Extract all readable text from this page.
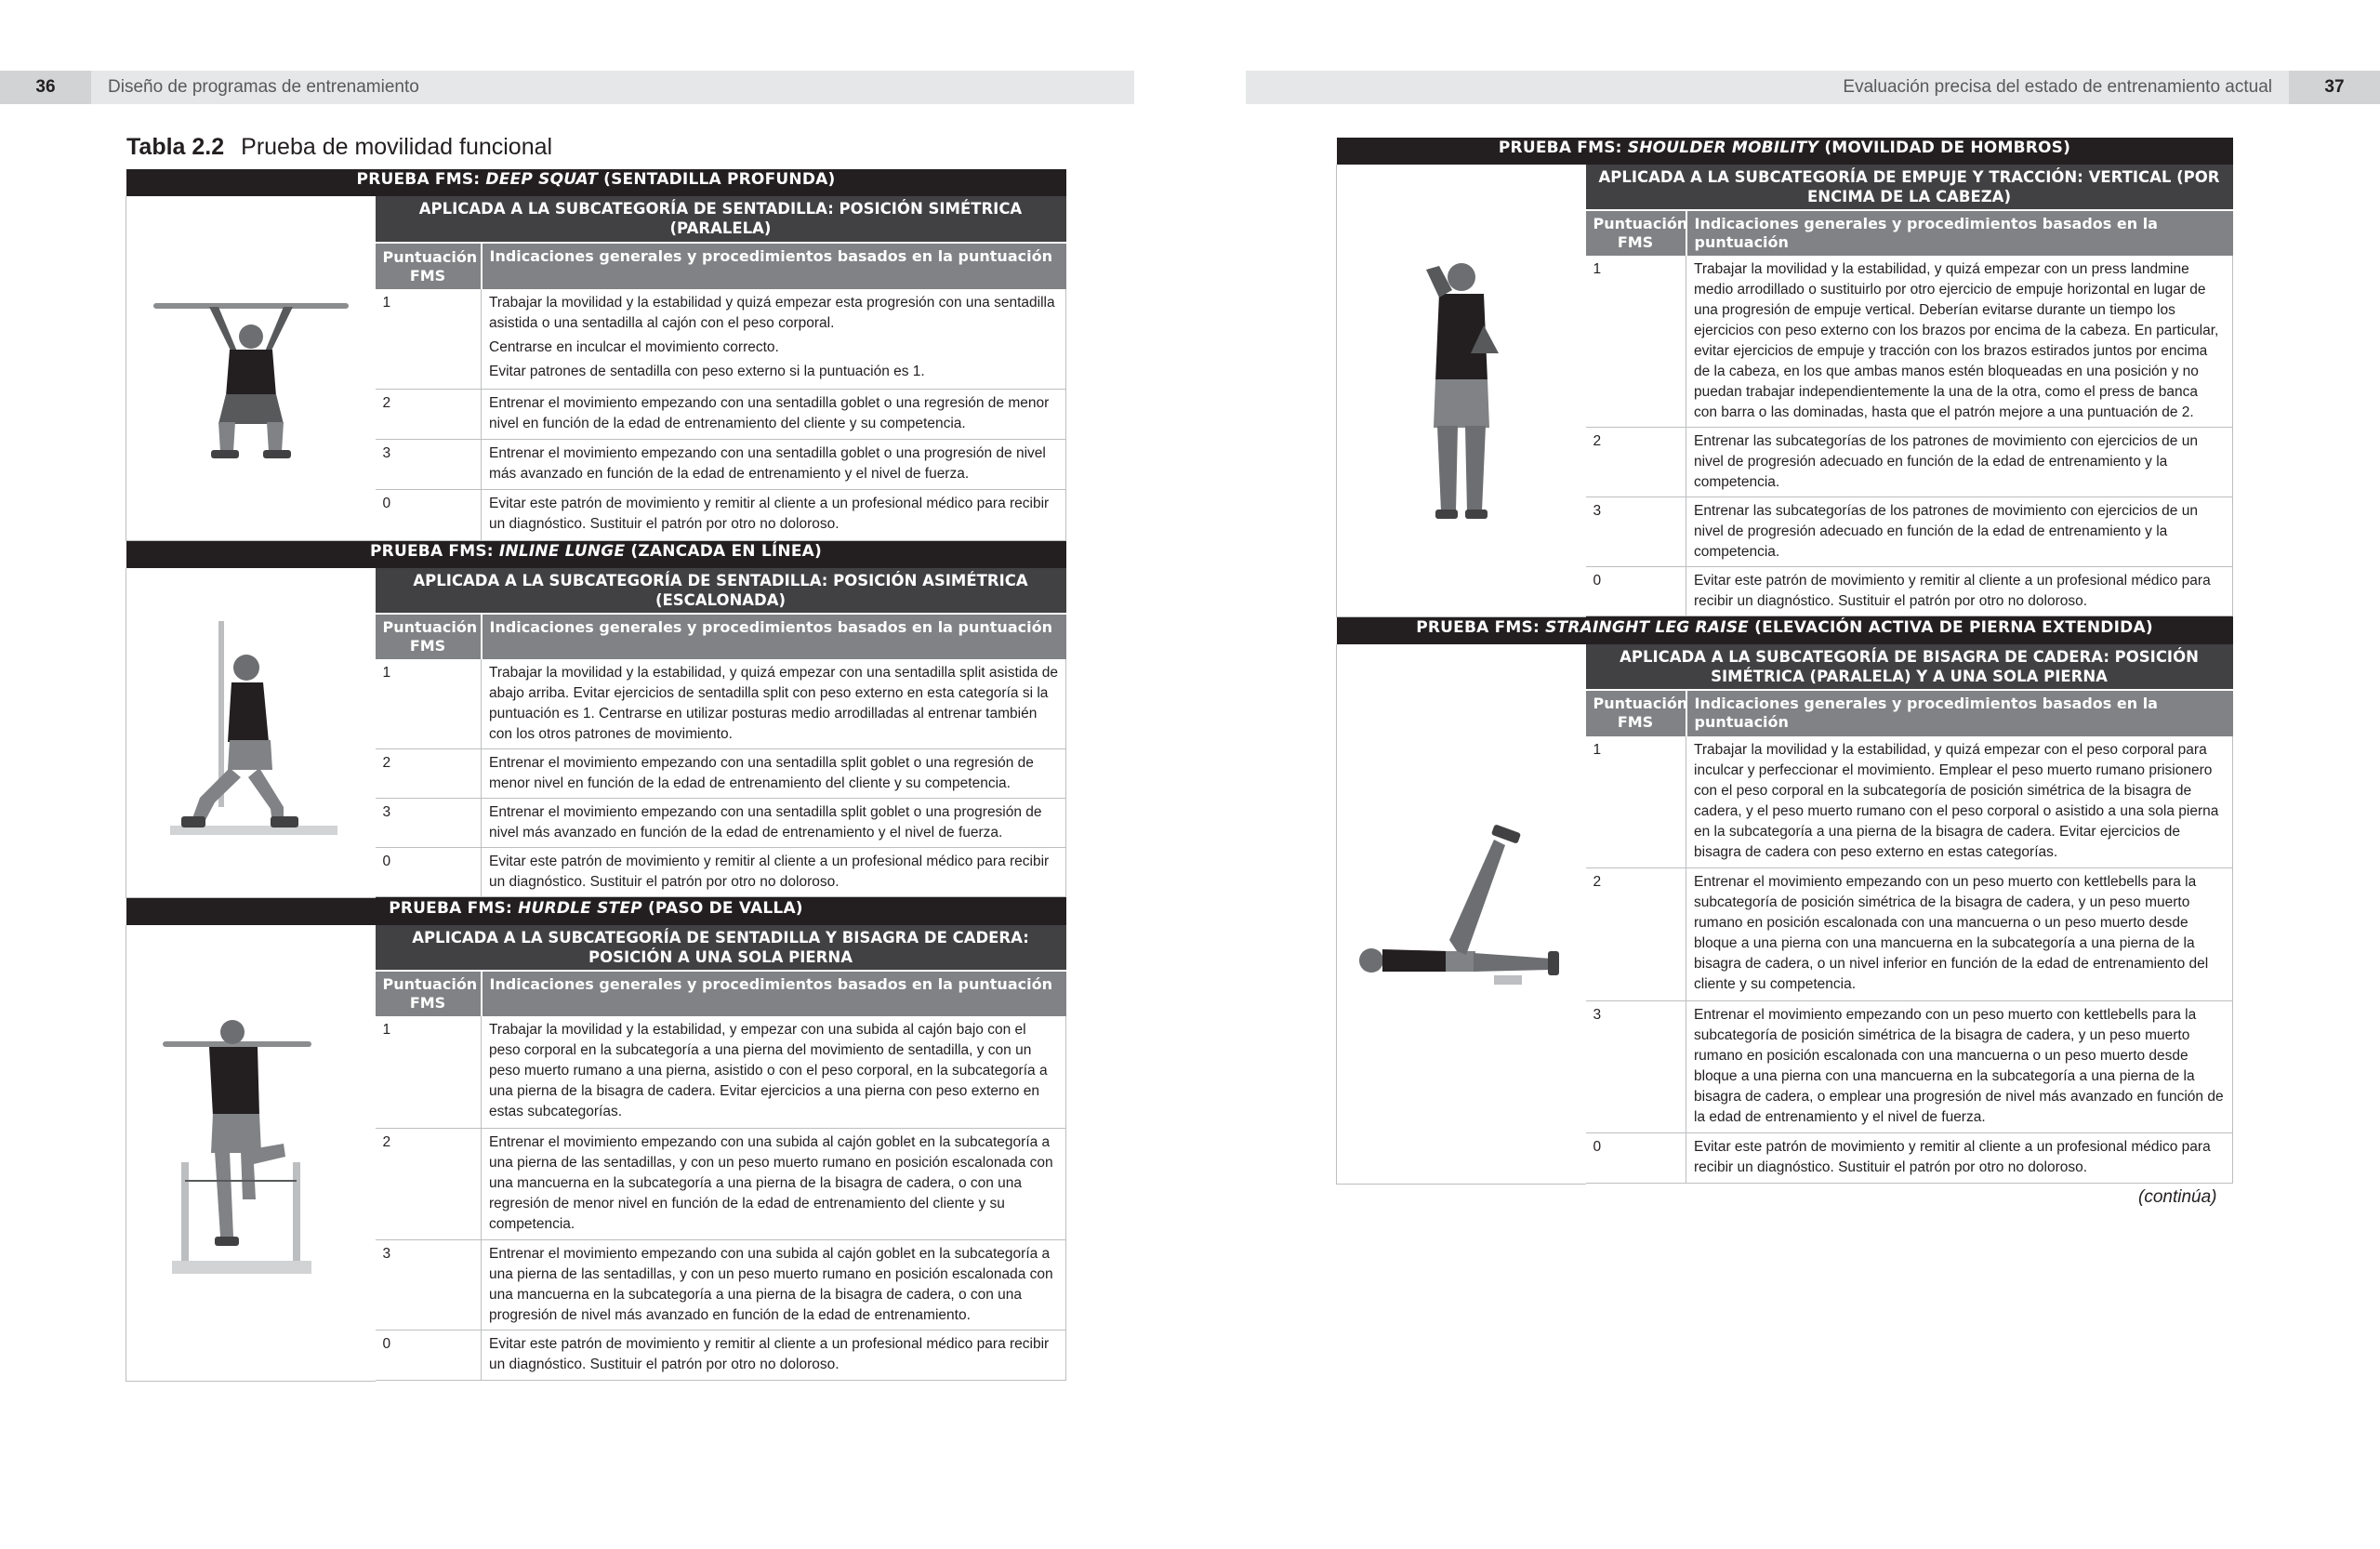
36	Diseño de programas de entrenamiento	Evaluación precisa del estado de entrenamiento actual	37
Tabla 2.2 Prueba de movilidad funcional
PRUEBA FMS: DEEP SQUAT (SENTADILLA PROFUNDA)		

	APLICADA A LA SUBCATEGORÍA DE SENTADILLA: POSICIÓN SIMÉTRICA (PARALELA)	
	Puntuación FMS	Indicaciones generales y procedimientos basados en la puntuación
	1	Trabajar la movilidad y la estabilidad y quizá empezar esta progresión con una sentadilla asistida o una sentadilla al cajón con el peso corporal.

Centrarse en inculcar el movimiento correcto.

Evitar patrones de sentadilla con peso externo si la puntuación es 1.

	2	Entrenar el movimiento empezando con una sentadilla goblet o una regresión de menor nivel en función de la edad de entrenamiento del cliente y su competencia.
	3	Entrenar el movimiento empezando con una sentadilla goblet o una progresión de nivel más avanzado en función de la edad de entrenamiento y el nivel de fuerza.
	0	Evitar este patrón de movimiento y remitir al cliente a un profesional médico para recibir un diagnóstico. Sustituir el patrón por otro no doloroso.

PRUEBA FMS: INLINE LUNGE (ZANCADA EN LÍNEA)		

	APLICADA A LA SUBCATEGORÍA DE SENTADILLA: POSICIÓN ASIMÉTRICA (ESCALONADA)	
	Puntuación FMS	Indicaciones generales y procedimientos basados en la puntuación
	1	Trabajar la movilidad y la estabilidad, y quizá empezar con una sentadilla split asistida de abajo arriba. Evitar ejercicios de sentadilla split con peso externo en esta categoría si la puntuación es 1. Centrarse en utilizar posturas medio arrodilladas al entrenar también con los otros patrones de movimiento.
	2	Entrenar el movimiento empezando con una sentadilla split goblet o una regresión de menor nivel en función de la edad de entrenamiento del cliente y su competencia.
	3	Entrenar el movimiento empezando con una sentadilla split goblet o una progresión de nivel más avanzado en función de la edad de entrenamiento y el nivel de fuerza.
	0	Evitar este patrón de movimiento y remitir al cliente a un profesional médico para recibir un diagnóstico. Sustituir el patrón por otro no doloroso.

PRUEBA FMS: HURDLE STEP (PASO DE VALLA)		

	APLICADA A LA SUBCATEGORÍA DE SENTADILLA Y BISAGRA DE CADERA: POSICIÓN A UNA SOLA PIERNA	
	Puntuación FMS	Indicaciones generales y procedimientos basados en la puntuación
	1	Trabajar la movilidad y la estabilidad, y empezar con una subida al cajón bajo con el peso corporal en la subcategoría a una pierna del movimiento de sentadilla, y con un peso muerto rumano a una pierna, asistido o con el peso corporal, en la subcategoría a una pierna de la bisagra de cadera. Evitar ejercicios a una pierna con peso externo en estas subcategorías.
	2	Entrenar el movimiento empezando con una subida al cajón goblet en la subcategoría a una pierna de las sentadillas, y con un peso muerto rumano en posición escalonada con una mancuerna en la subcategoría a una pierna de la bisagra de cadera, o con una regresión de menor nivel en función de la edad de entrenamiento del cliente y su competencia.
	3	Entrenar el movimiento empezando con una subida al cajón goblet en la subcategoría a una pierna de las sentadillas, y con un peso muerto rumano en posición escalonada con una mancuerna en la subcategoría a una pierna de la bisagra de cadera, o con una progresión de nivel más avanzado en función de la edad de entrenamiento.
	0	Evitar este patrón de movimiento y remitir al cliente a un profesional médico para recibir un diagnóstico. Sustituir el patrón por otro no doloroso.

PRUEBA FMS: SHOULDER MOBILITY (MOVILIDAD DE HOMBROS)		

	APLICADA A LA SUBCATEGORÍA DE EMPUJE Y TRACCIÓN: VERTICAL (POR ENCIMA DE LA CABEZA)	
	Puntuación FMS	Indicaciones generales y procedimientos basados en la puntuación
	1	Trabajar la movilidad y la estabilidad, y quizá empezar con un press landmine medio arrodillado o sustituirlo por otro ejercicio de empuje horizontal en lugar de una progresión de empuje vertical. Deberían evitarse durante un tiempo los ejercicios con peso externo con los brazos por encima de la cabeza. En particular, evitar ejercicios de empuje y tracción con los brazos estirados juntos por encima de la cabeza, en los que ambas manos estén bloqueadas en una posición y no puedan trabajar independientemente la una de la otra, como el press de banca con barra o las dominadas, hasta que el patrón mejore a una puntuación de 2.
	2	Entrenar las subcategorías de los patrones de movimiento con ejercicios de un nivel de progresión adecuado en función de la edad de entrenamiento y la competencia.
	3	Entrenar las subcategorías de los patrones de movimiento con ejercicios de un nivel de progresión adecuado en función de la edad de entrenamiento y la competencia.
	0	Evitar este patrón de movimiento y remitir al cliente a un profesional médico para recibir un diagnóstico. Sustituir el patrón por otro no doloroso.

PRUEBA FMS: STRAINGHT LEG RAISE (ELEVACIÓN ACTIVA DE PIERNA EXTENDIDA)		

	APLICADA A LA SUBCATEGORÍA DE BISAGRA DE CADERA: POSICIÓN SIMÉTRICA (PARALELA) Y A UNA SOLA PIERNA	
	Puntuación FMS	Indicaciones generales y procedimientos basados en la puntuación
	1	Trabajar la movilidad y la estabilidad, y quizá empezar con el peso corporal para inculcar y perfeccionar el movimiento. Emplear el peso muerto rumano prisionero con el peso corporal en la subcategoría de posición simétrica de la bisagra de cadera, y el peso muerto rumano con el peso corporal o asistido a una sola pierna en la subcategoría a una pierna de la bisagra de cadera. Evitar ejercicios de bisagra de cadera con peso externo en estas categorías.
	2	Entrenar el movimiento empezando con un peso muerto con kettlebells para la subcategoría de posición simétrica de la bisagra de cadera, y un peso muerto rumano en posición escalonada con una mancuerna o un peso muerto desde bloque a una pierna con una mancuerna en la subcategoría a una pierna de la bisagra de cadera, o un nivel inferior en función de la edad de entrenamiento del cliente y su competencia.
	3	Entrenar el movimiento empezando con un peso muerto con kettlebells para la subcategoría de posición simétrica de la bisagra de cadera, y un peso muerto rumano en posición escalonada con una mancuerna o un peso muerto desde bloque a una pierna con una mancuerna en la subcategoría a una pierna de la bisagra de cadera, o emplear una progresión de nivel más avanzado en función de la edad de entrenamiento y el nivel de fuerza.
	0	Evitar este patrón de movimiento y remitir al cliente a un profesional médico para recibir un diagnóstico. Sustituir el patrón por otro no doloroso.

(continúa)
